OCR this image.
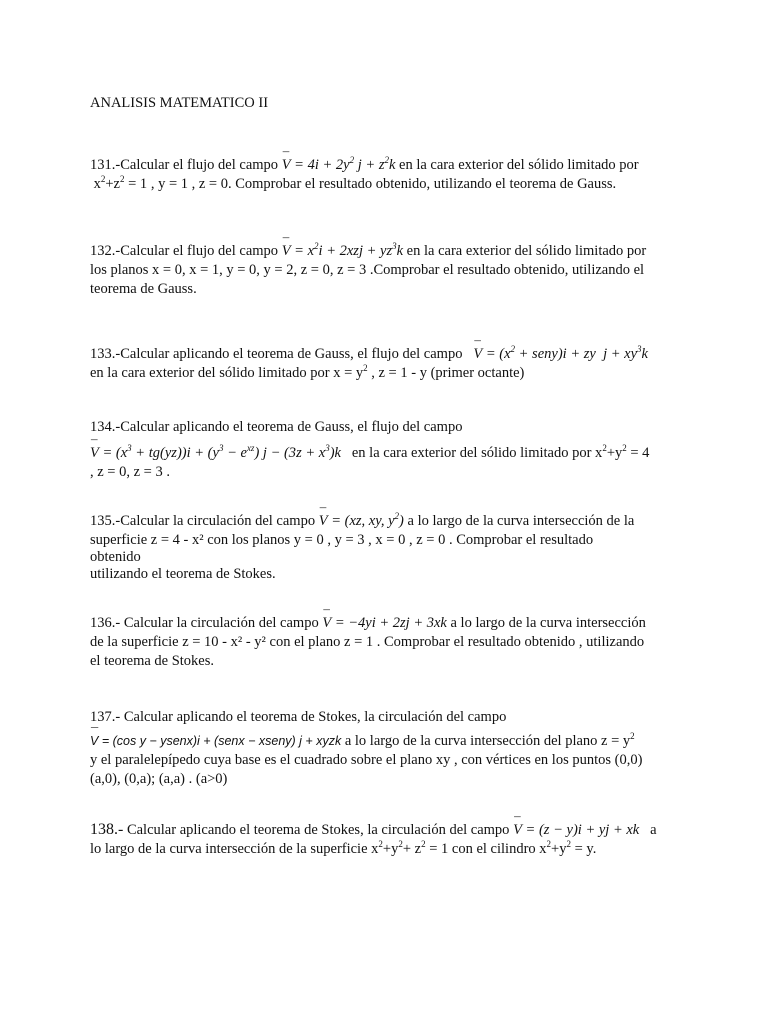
ANALISIS MATEMATICO II
131.-Calcular el flujo del campo ¯ $V = 4i + 2y^2$ $j + z^2k$ en la cara exterior del sólido limitado por
$x^2+z^2 = 1$ , y = 1 , z = 0. Comprobar el resultado obtenido, utilizando el teorema de Gauss.
132.-Calcular el flujo del campo ¯ $V = x^2i + 2xzj + yz^3k$ en la cara exterior del sólido limitado por
los planos x = 0, x = 1, y = 0, y = 2, z = 0, z = 3 .Comprobar el resultado obtenido, utilizando el
teorema de Gauss.
133.-Calcular aplicando el teorema de Gauss, el flujo del campo   ¯ $V = (x^2$ + seny)i + zy $j + xy^3k$
en la cara exterior del sólido limitado por $x = y^2$ , z = 1 - y (primer octante)
134.-Calcular aplicando el teorema de Gauss, el flujo del campo
¯ $V = (x^3 + tg(yz))i + (y^3 - e^{xz}) j - (3z + x^3)k$   en la cara exterior del sólido limitado por $x^2+y^2 = 4$
, z = 0, z = 3 .
135.-Calcular la circulación del campo ¯ V = (xz, xy, $y^2$) a lo largo de la curva intersección de la
superficie z = 4 - x² con los planos y = 0 , y = 3 , x = 0 , z = 0 . Comprobar el resultado
obtenido
utilizando el teorema de Stokes.
136.- Calcular la circulación del campo ¯ V = −4yi + 2zj + 3xk a lo largo de la curva intersección
de la superficie z = 10 - x² - y² con el plano z = 1 . Comprobar el resultado obtenido , utilizando
el teorema de Stokes.
137.- Calcular aplicando el teorema de Stokes, la circulación del campo
¯ V = (cos y − ysenx)i + (senx − xseny) j + xyzk a lo largo de la curva intersección del plano $z = y^2$
y el paralelepípedo cuya base es el cuadrado sobre el plano xy , con vértices en los puntos (0,0)
(a,0), (0,a); (a,a) . (a>0)
138.- Calcular aplicando el teorema de Stokes, la circulación del campo ¯ V = (z − y)i + yj + xk   a
lo largo de la curva intersección de la superficie $x^2+y^2+ z^2 = 1$ con el cilindro $x^2+y^2 = y$.
